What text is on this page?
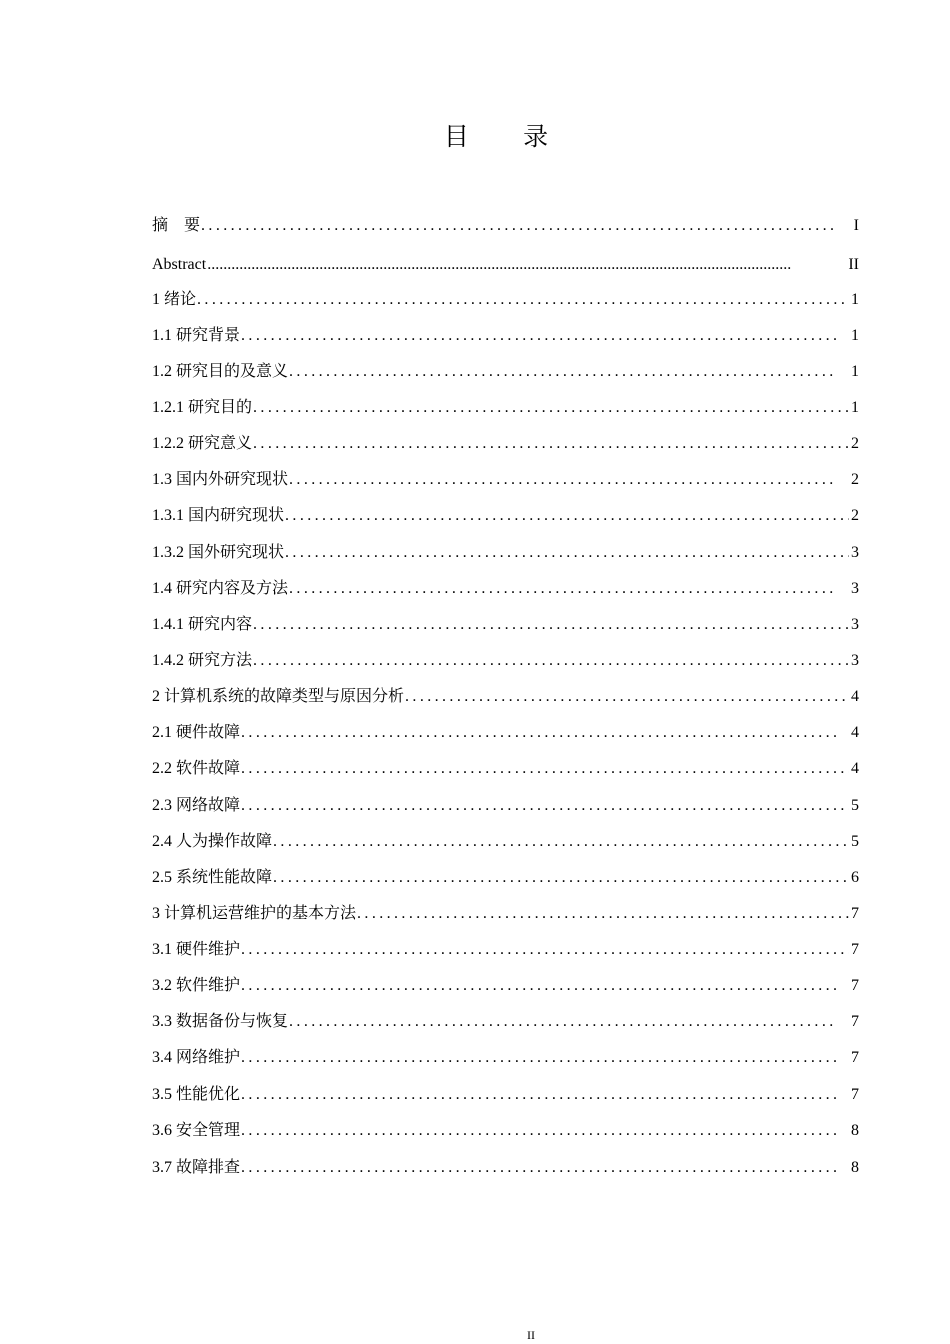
目 录
摘　要 .....	I
Abstract .....	II
1 绪论 .....	1
1.1 研究背景 .....	1
1.2 研究目的及意义 .....	1
1.2.1 研究目的 .....	1
1.2.2 研究意义 .....	2
1.3 国内外研究现状 .....	2
1.3.1 国内研究现状 .....	2
1.3.2 国外研究现状 .....	3
1.4 研究内容及方法 .....	3
1.4.1 研究内容 .....	3
1.4.2 研究方法 .....	3
2 计算机系统的故障类型与原因分析 .....	4
2.1 硬件故障 .....	4
2.2 软件故障 .....	4
2.3 网络故障 .....	5
2.4 人为操作故障 .....	5
2.5 系统性能故障 .....	6
3 计算机运营维护的基本方法 .....	7
3.1 硬件维护 .....	7
3.2 软件维护 .....	7
3.3 数据备份与恢复 .....	7
3.4 网络维护 .....	7
3.5 性能优化 .....	7
3.6 安全管理 .....	8
3.7 故障排查 .....	8
II
